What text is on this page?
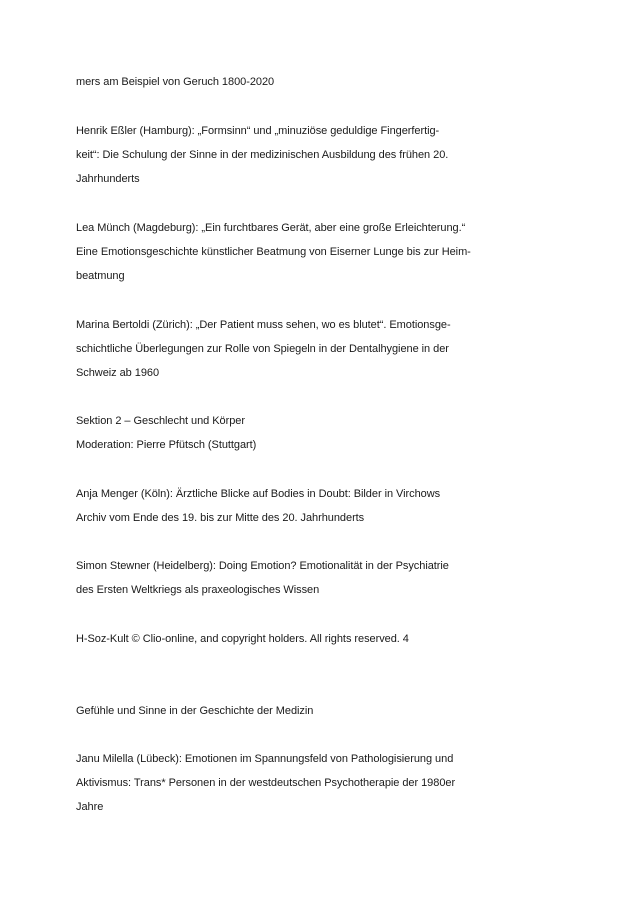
mers am Beispiel von Geruch 1800-2020
Henrik Eßler (Hamburg): „Formsinn“ und „minuziöse geduldige Fingerfertig-
keit“: Die Schulung der Sinne in der medizinischen Ausbildung des frühen 20.
Jahrhunderts
Lea Münch (Magdeburg): „Ein furchtbares Gerät, aber eine große Erleichterung.“
Eine Emotionsgeschichte künstlicher Beatmung von Eiserner Lunge bis zur Heim-
beatmung
Marina Bertoldi (Zürich): „Der Patient muss sehen, wo es blutet“. Emotionsge-
schichtliche Überlegungen zur Rolle von Spiegeln in der Dentalhygiene in der
Schweiz ab 1960
Sektion 2 – Geschlecht und Körper
Moderation: Pierre Pfütsch (Stuttgart)
Anja Menger (Köln): Ärztliche Blicke auf Bodies in Doubt: Bilder in Virchows
Archiv vom Ende des 19. bis zur Mitte des 20. Jahrhunderts
Simon Stewner (Heidelberg): Doing Emotion? Emotionalität in der Psychiatrie
des Ersten Weltkriegs als praxeologisches Wissen
H-Soz-Kult © Clio-online, and copyright holders. All rights reserved. 4
Gefühle und Sinne in der Geschichte der Medizin
Janu Milella (Lübeck): Emotionen im Spannungsfeld von Pathologisierung und
Aktivismus: Trans* Personen in der westdeutschen Psychotherapie der 1980er
Jahre
